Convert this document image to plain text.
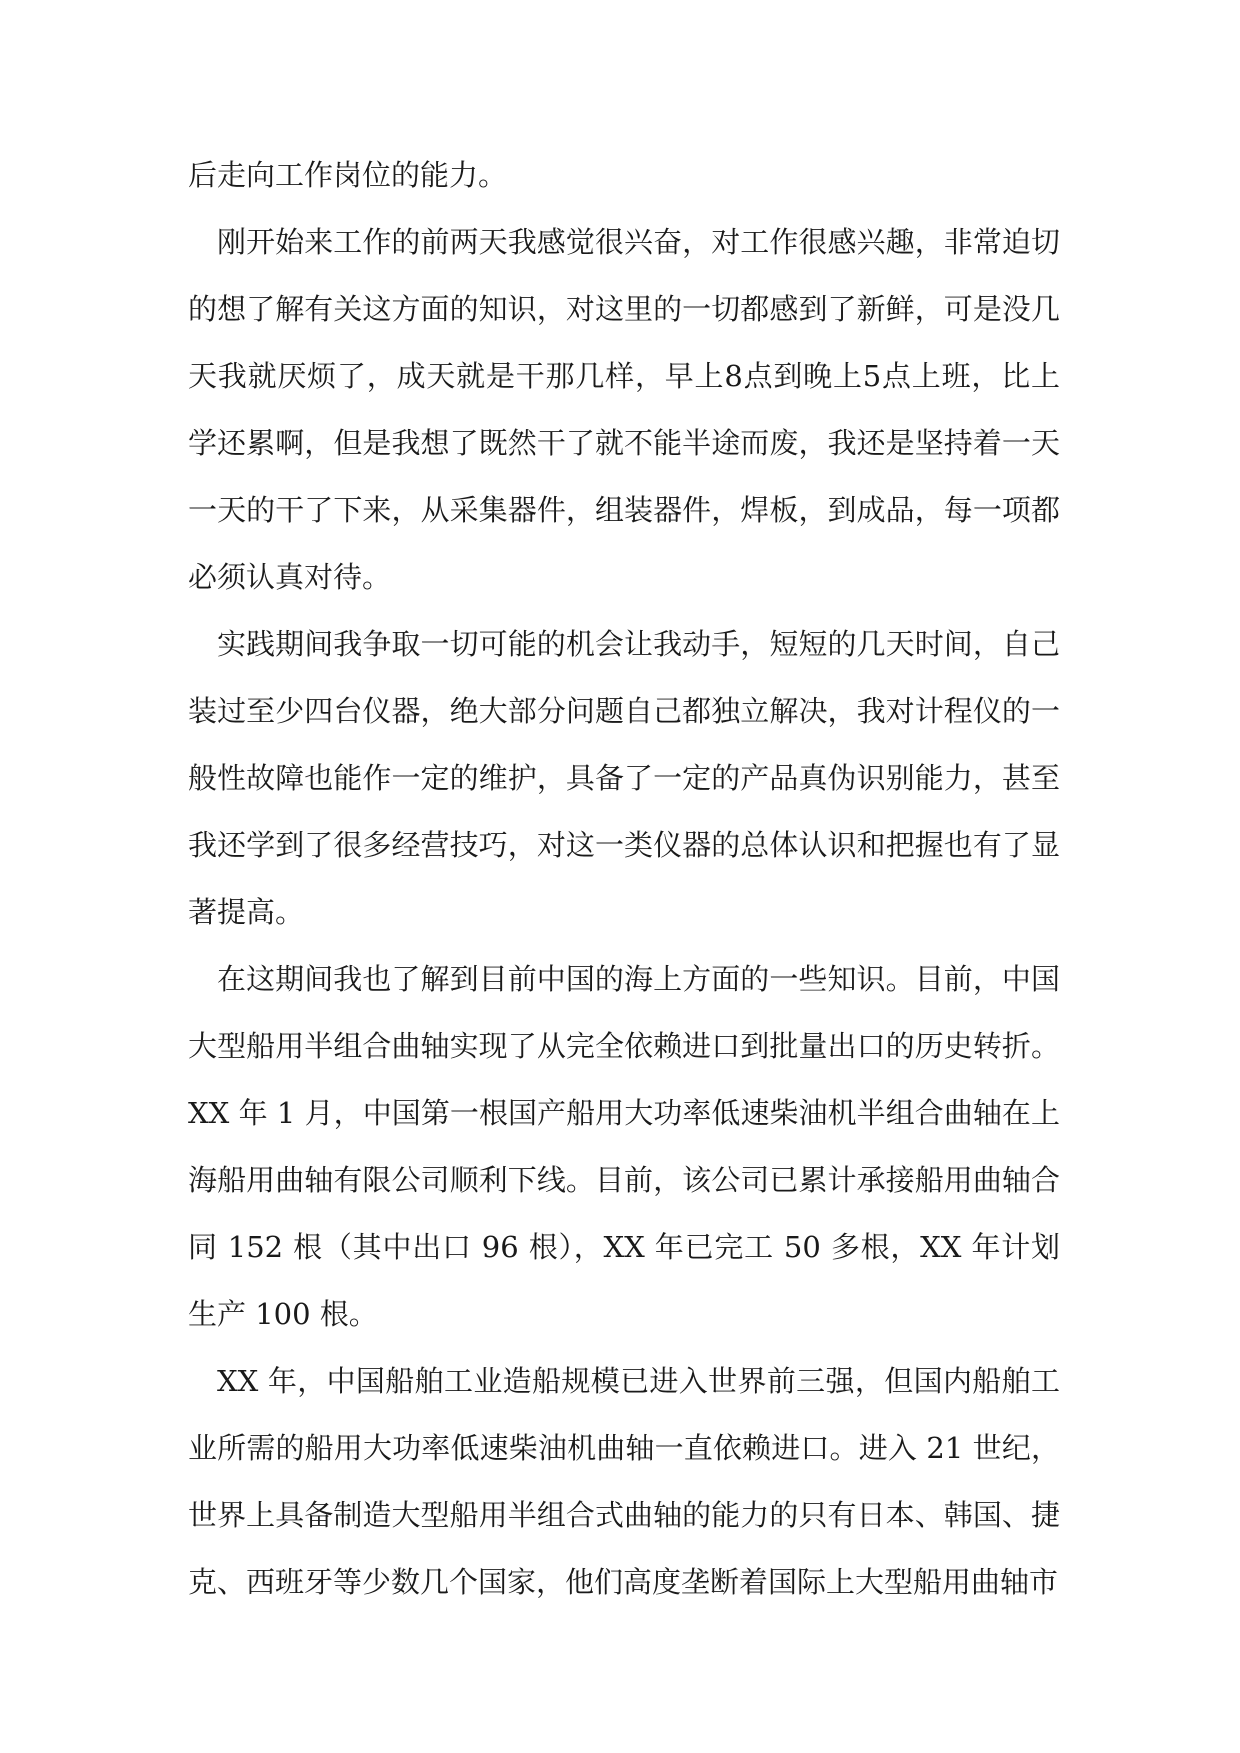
后走向工作岗位的能力。

刚开始来工作的前两天我感觉很兴奋，对工作很感兴趣，非常迫切的想了解有关这方面的知识，对这里的一切都感到了新鲜，可是没几天我就厌烦了，成天就是干那几样，早上8点到晚上5点上班，比上学还累啊，但是我想了既然干了就不能半途而废，我还是坚持着一天一天的干了下来，从采集器件，组装器件，焊板，到成品，每一项都必须认真对待。

实践期间我争取一切可能的机会让我动手，短短的几天时间，自己装过至少四台仪器，绝大部分问题自己都独立解决，我对计程仪的一般性故障也能作一定的维护，具备了一定的产品真伪识别能力，甚至我还学到了很多经营技巧，对这一类仪器的总体认识和把握也有了显著提高。

在这期间我也了解到目前中国的海上方面的一些知识。目前，中国大型船用半组合曲轴实现了从完全依赖进口到批量出口的历史转折。XX 年 1 月，中国第一根国产船用大功率低速柴油机半组合曲轴在上海船用曲轴有限公司顺利下线。目前，该公司已累计承接船用曲轴合同 152 根（其中出口 96 根），XX 年已完工 50 多根，XX 年计划生产 100 根。

XX 年，中国船舶工业造船规模已进入世界前三强，但国内船舶工业所需的船用大功率低速柴油机曲轴一直依赖进口。进入 21 世纪，世界上具备制造大型船用半组合式曲轴的能力的只有日本、韩国、捷克、西班牙等少数几个国家，他们高度垄断着国际上大型船用曲轴市
